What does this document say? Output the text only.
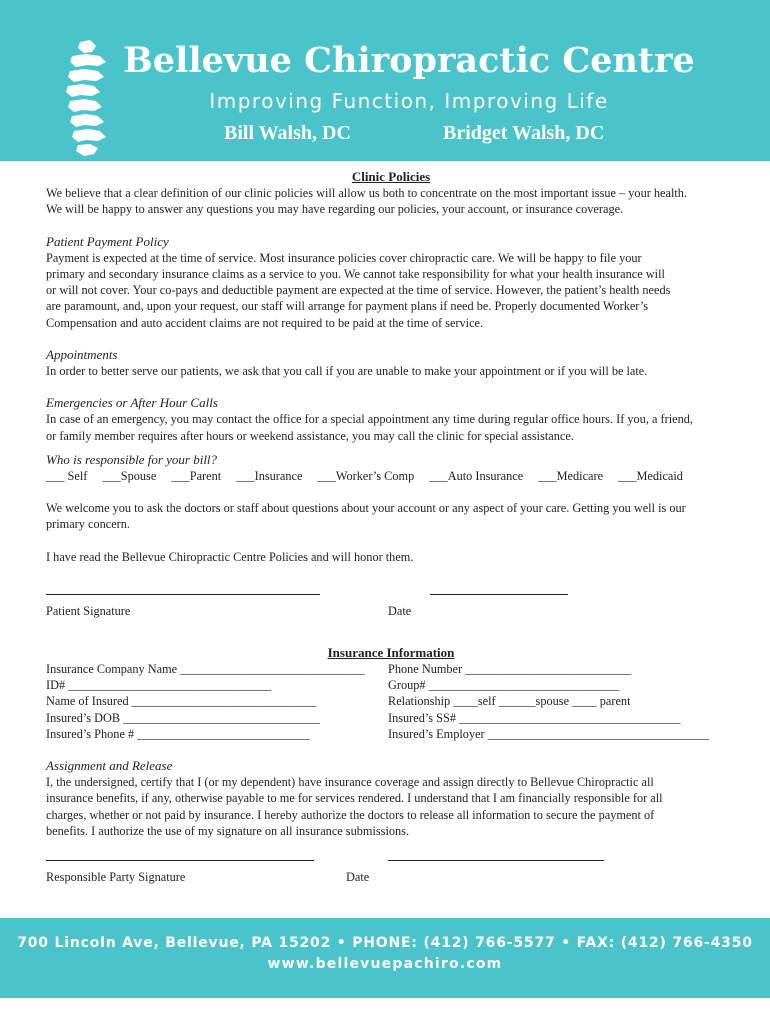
Bellevue Chiropractic Centre
Improving Function, Improving Life
Bill Walsh, DC	Bridget Walsh, DC

Clinic Policies

We believe that a clear definition of our clinic policies will allow us both to concentrate on the most important issue – your health.

We will be happy to answer any questions you may have regarding our policies, your account, or insurance coverage.

Patient Payment Policy

Payment is expected at the time of service. Most insurance policies cover chiropractic care. We will be happy to file your

primary and secondary insurance claims as a service to you. We cannot take responsibility for what your health insurance will

or will not cover. Your co-pays and deductible payment are expected at the time of service. However, the patient’s health needs

are paramount, and, upon your request, our staff will arrange for payment plans if need be. Properly documented Worker’s

Compensation and auto accident claims are not required to be paid at the time of service.

Appointments

In order to better serve our patients, we ask that you call if you are unable to make your appointment or if you will be late.

Emergencies or After Hour Calls

In case of an emergency, you may contact the office for a special appointment any time during regular office hours. If you, a friend,

or family member requires after hours or weekend assistance, you may call the clinic for special assistance.

Who is responsible for your bill?

___ Self ___Spouse ___Parent ___Insurance ___Worker’s Comp ___Auto Insurance ___Medicare ___Medicaid

We welcome you to ask the doctors or staff about questions about your account or any aspect of your care. Getting you well is our

primary concern.

I have read the Bellevue Chiropractic Centre Policies and will honor them.

Patient Signature	Date

Insurance Information

Insurance Company Name ______________________________	Phone Number ___________________________
ID# _________________________________	Group# _______________________________
Name of Insured ______________________________	Relationship ____self ______spouse ____ parent
Insured’s DOB ________________________________	Insured’s SS# ____________________________________
Insured’s Phone # ____________________________	Insured’s Employer ____________________________________

Assignment and Release

I, the undersigned, certify that I (or my dependent) have insurance coverage and assign directly to Bellevue Chiropractic all

insurance benefits, if any, otherwise payable to me for services rendered. I understand that I am financially responsible for all

charges, whether or not paid by insurance. I hereby authorize the doctors to release all information to secure the payment of

benefits. I authorize the use of my signature on all insurance submissions.

Responsible Party Signature	Date
700 Lincoln Ave, Bellevue, PA 15202 • PHONE: (412) 766-5577 • FAX: (412) 766-4350
www.bellevuepachiro.com
